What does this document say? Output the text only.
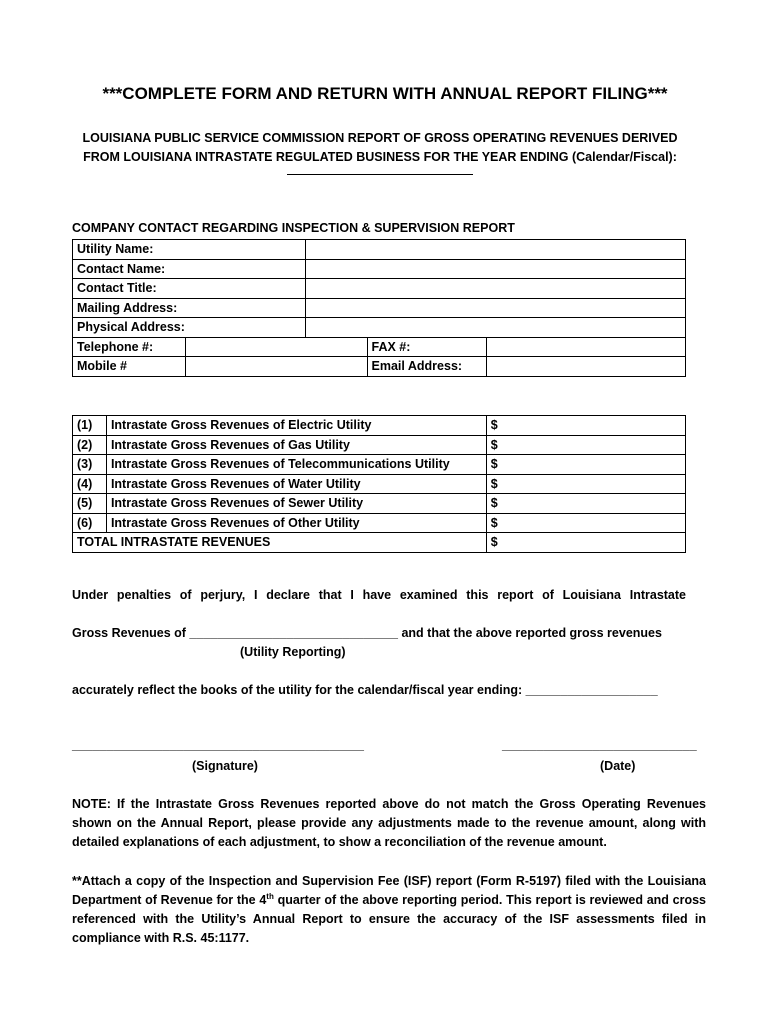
***COMPLETE FORM AND RETURN WITH ANNUAL REPORT FILING***
LOUISIANA PUBLIC SERVICE COMMISSION REPORT OF GROSS OPERATING REVENUES DERIVED
FROM LOUISIANA INTRASTATE REGULATED BUSINESS FOR THE YEAR ENDING (Calendar/Fiscal):
COMPANY CONTACT REGARDING INSPECTION & SUPERVISION REPORT
Utility Name:				
Contact Name:				
Contact Title:				
Mailing Address:				
Physical Address:				
Telephone #:			FAX #:	
Mobile #			Email Address:	
(1)	Intrastate Gross Revenues of Electric Utility	$
(2)	Intrastate Gross Revenues of Gas Utility	$
(3)	Intrastate Gross Revenues of Telecommunications Utility	$
(4)	Intrastate Gross Revenues of Water Utility	$
(5)	Intrastate Gross Revenues of Sewer Utility	$
(6)	Intrastate Gross Revenues of Other Utility	$
TOTAL INTRASTATE REVENUES		$
Under penalties of perjury, I declare that I have examined this report of Louisiana Intrastate
Gross Revenues of ______________________________ and that the above reported gross revenues
(Utility Reporting)
accurately reflect the books of the utility for the calendar/fiscal year ending: ___________________
__________________________________________	____________________________
(Signature)	(Date)
NOTE: If the Intrastate Gross Revenues reported above do not match the Gross Operating Revenues shown on the Annual Report, please provide any adjustments made to the revenue amount, along with detailed explanations of each adjustment, to show a reconciliation of the revenue amount.
**Attach a copy of the Inspection and Supervision Fee (ISF) report (Form R-5197) filed with the Louisiana Department of Revenue for the 4th quarter of the above reporting period. This report is reviewed and cross referenced with the Utility’s Annual Report to ensure the accuracy of the ISF assessments filed in compliance with R.S. 45:1177.
